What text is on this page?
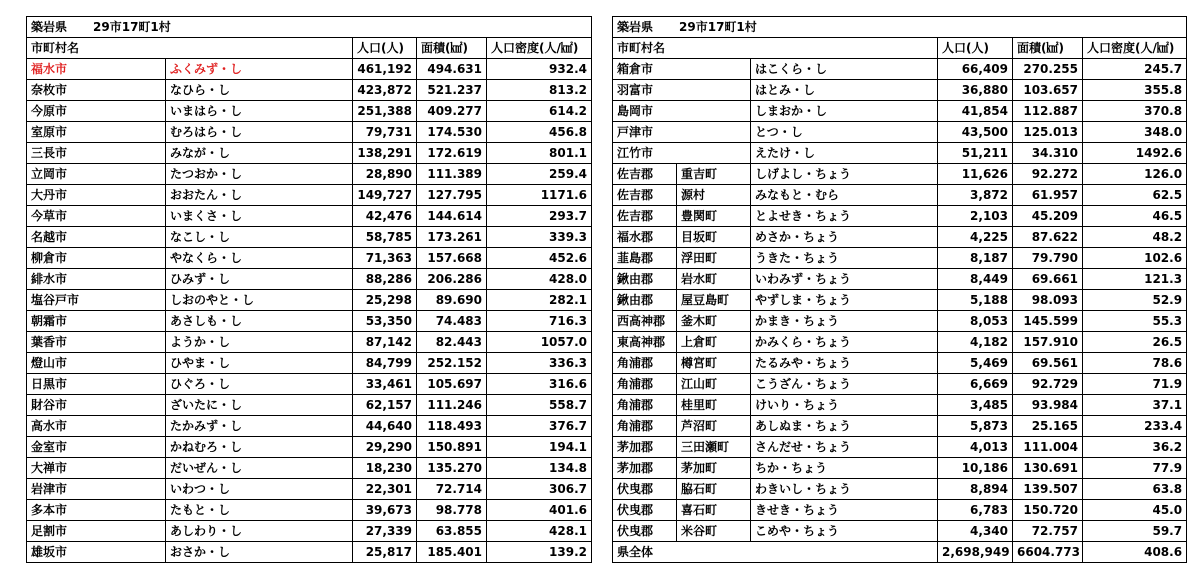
築岩県 29市17町1村				
市町村名		人口(人)	面積(㎢)	人口密度(人/㎢)
福水市	ふくみず・し	461,192	494.631	932.4
奈枚市	なひら・し	423,872	521.237	813.2
今原市	いまはら・し	251,388	409.277	614.2
室原市	むろはら・し	79,731	174.530	456.8
三長市	みなが・し	138,291	172.619	801.1
立岡市	たつおか・し	28,890	111.389	259.4
大丹市	おおたん・し	149,727	127.795	1171.6
今草市	いまくさ・し	42,476	144.614	293.7
名越市	なこし・し	58,785	173.261	339.3
柳倉市	やなくら・し	71,363	157.668	452.6
緋水市	ひみず・し	88,286	206.286	428.0
塩谷戸市	しおのやと・し	25,298	89.690	282.1
朝霜市	あさしも・し	53,350	74.483	716.3
葉香市	ようか・し	87,142	82.443	1057.0
燈山市	ひやま・し	84,799	252.152	336.3
日黒市	ひぐろ・し	33,461	105.697	316.6
財谷市	ざいたに・し	62,157	111.246	558.7
高水市	たかみず・し	44,640	118.493	376.7
金室市	かねむろ・し	29,290	150.891	194.1
大禅市	だいぜん・し	18,230	135.270	134.8
岩津市	いわつ・し	22,301	72.714	306.7
多本市	たもと・し	39,673	98.778	401.6
足割市	あしわり・し	27,339	63.855	428.1
雄坂市	おさか・し	25,817	185.401	139.2
築岩県 29市17町1村					
市町村名			人口(人)	面積(㎢)	人口密度(人/㎢)
箱倉市		はこくら・し	66,409	270.255	245.7
羽富市		はとみ・し	36,880	103.657	355.8
島岡市		しまおか・し	41,854	112.887	370.8
戸津市		とつ・し	43,500	125.013	348.0
江竹市		えたけ・し	51,211	34.310	1492.6
佐吉郡	重吉町	しげよし・ちょう	11,626	92.272	126.0
佐吉郡	源村	みなもと・むら	3,872	61.957	62.5
佐吉郡	豊関町	とよせき・ちょう	2,103	45.209	46.5
福水郡	目坂町	めさか・ちょう	4,225	87.622	48.2
韮島郡	浮田町	うきた・ちょう	8,187	79.790	102.6
鍬由郡	岩水町	いわみず・ちょう	8,449	69.661	121.3
鍬由郡	屋豆島町	やずしま・ちょう	5,188	98.093	52.9
西高神郡	釜木町	かまき・ちょう	8,053	145.599	55.3
東高神郡	上倉町	かみくら・ちょう	4,182	157.910	26.5
角浦郡	樽宮町	たるみや・ちょう	5,469	69.561	78.6
角浦郡	江山町	こうざん・ちょう	6,669	92.729	71.9
角浦郡	桂里町	けいり・ちょう	3,485	93.984	37.1
角浦郡	芦沼町	あしぬま・ちょう	5,873	25.165	233.4
茅加郡	三田瀬町	さんだせ・ちょう	4,013	111.004	36.2
茅加郡	茅加町	ちか・ちょう	10,186	130.691	77.9
伏曳郡	脇石町	わきいし・ちょう	8,894	139.507	63.8
伏曳郡	喜石町	きせき・ちょう	6,783	150.720	45.0
伏曳郡	米谷町	こめや・ちょう	4,340	72.757	59.7
県全体			2,698,949	6604.773	408.6
